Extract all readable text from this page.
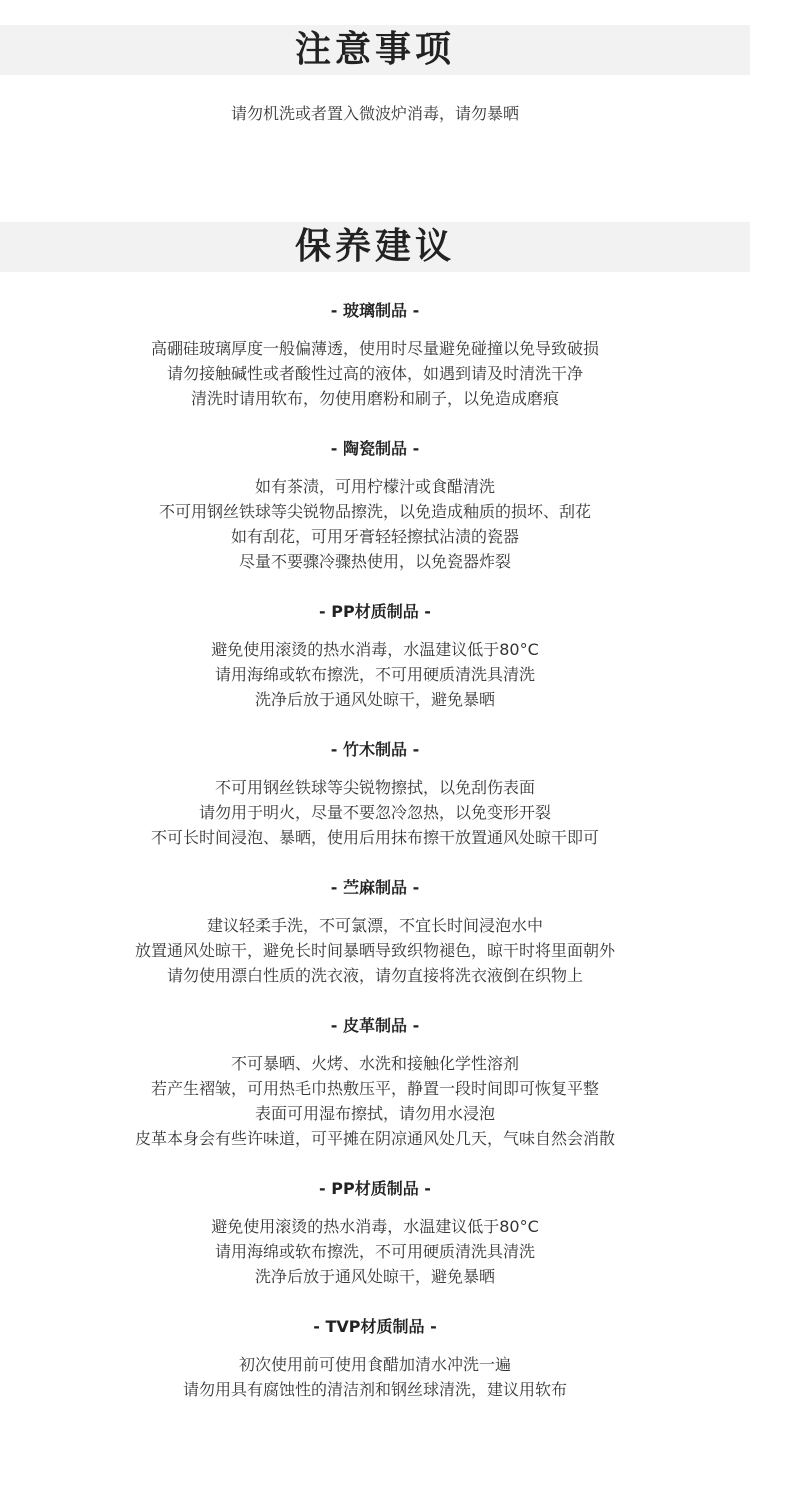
注意事项
请勿机洗或者置入微波炉消毒，请勿暴晒
保养建议
- 玻璃制品 -
高硼硅玻璃厚度一般偏薄透，使用时尽量避免碰撞以免导致破损
请勿接触碱性或者酸性过高的液体，如遇到请及时清洗干净
清洗时请用软布，勿使用磨粉和刷子，以免造成磨痕
- 陶瓷制品 -
如有茶渍，可用柠檬汁或食醋清洗
不可用钢丝铁球等尖锐物品擦洗，以免造成釉质的损坏、刮花
如有刮花，可用牙膏轻轻擦拭沾渍的瓷器
尽量不要骤冷骤热使用，以免瓷器炸裂
- PP材质制品 -
避免使用滚烫的热水消毒，水温建议低于80°C
请用海绵或软布擦洗，不可用硬质清洗具清洗
洗净后放于通风处晾干，避免暴晒
- 竹木制品 -
不可用钢丝铁球等尖锐物擦拭，以免刮伤表面
请勿用于明火，尽量不要忽冷忽热，以免变形开裂
不可长时间浸泡、暴晒，使用后用抹布擦干放置通风处晾干即可
- 苎麻制品 -
建议轻柔手洗，不可氯漂，不宜长时间浸泡水中
放置通风处晾干，避免长时间暴晒导致织物褪色，晾干时将里面朝外
请勿使用漂白性质的洗衣液，请勿直接将洗衣液倒在织物上
- 皮革制品 -
不可暴晒、火烤、水洗和接触化学性溶剂
若产生褶皱，可用热毛巾热敷压平，静置一段时间即可恢复平整
表面可用湿布擦拭，请勿用水浸泡
皮革本身会有些许味道，可平摊在阴凉通风处几天，气味自然会消散
- PP材质制品 -
避免使用滚烫的热水消毒，水温建议低于80°C
请用海绵或软布擦洗，不可用硬质清洗具清洗
洗净后放于通风处晾干，避免暴晒
- TVP材质制品 -
初次使用前可使用食醋加清水冲洗一遍
请勿用具有腐蚀性的清洁剂和钢丝球清洗，建议用软布
